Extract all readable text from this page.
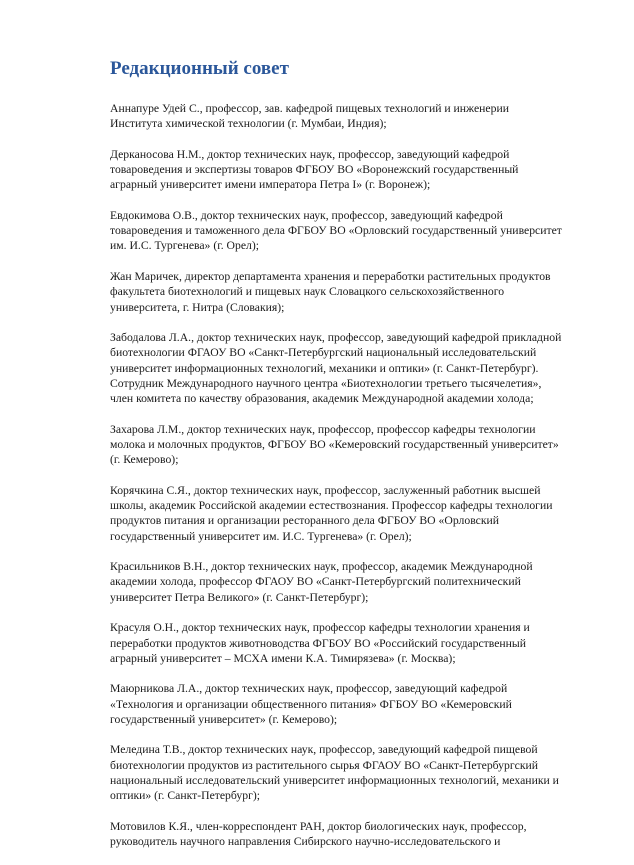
Редакционный совет

Аннапуре Удей С., профессор, зав. кафедрой пищевых технологий и инженерии
Института химической технологии (г. Мумбаи, Индия);

Дерканосова Н.М., доктор технических наук, профессор, заведующий кафедрой
товароведения и экспертизы товаров ФГБОУ ВО «Воронежский государственный
аграрный университет имени императора Петра I» (г. Воронеж);

Евдокимова О.В., доктор технических наук, профессор, заведующий кафедрой
товароведения и таможенного дела ФГБОУ ВО «Орловский государственный университет
им. И.С. Тургенева» (г. Орел);

Жан Маричек, директор департамента хранения и переработки растительных продуктов
факультета биотехнологий и пищевых наук Словацкого сельскохозяйственного
университета, г. Нитра (Словакия);

Забодалова Л.А., доктор технических наук, профессор, заведующий кафедрой прикладной
биотехнологии ФГАОУ ВО «Санкт-Петербургский национальный исследовательский
университет информационных технологий, механики и оптики» (г. Санкт-Петербург).
Сотрудник Международного научного центра «Биотехнологии третьего тысячелетия»,
член комитета по качеству образования, академик Международной академии холода;

Захарова Л.М., доктор технических наук, профессор, профессор кафедры технологии
молока и молочных продуктов, ФГБОУ ВО «Кемеровский государственный университет»
(г. Кемерово);

Корячкина С.Я., доктор технических наук, профессор, заслуженный работник высшей
школы, академик Российской академии естествознания. Профессор кафедры технологии
продуктов питания и организации ресторанного дела ФГБОУ ВО «Орловский
государственный университет им. И.С. Тургенева» (г. Орел);

Красильников В.Н., доктор технических наук, профессор, академик Международной
академии холода, профессор ФГАОУ ВО «Санкт-Петербургский политехнический
университет Петра Великого» (г. Санкт-Петербург);

Красуля О.Н., доктор технических наук, профессор кафедры технологии хранения и
переработки продуктов животноводства ФГБОУ ВО «Российский государственный
аграрный университет – МСХА имени К.А. Тимирязева» (г. Москва);

Маюрникова Л.А., доктор технических наук, профессор, заведующий кафедрой
«Технология и организации общественного питания» ФГБОУ ВО «Кемеровский
государственный университет» (г. Кемерово);

Меледина Т.В., доктор технических наук, профессор, заведующий кафедрой пищевой
биотехнологии продуктов из растительного сырья ФГАОУ ВО «Санкт-Петербургский
национальный исследовательский университет информационных технологий, механики и
оптики» (г. Санкт-Петербург);

Мотовилов К.Я., член-корреспондент РАН, доктор биологических наук, профессор,
руководитель научного направления Сибирского научно-исследовательского и
